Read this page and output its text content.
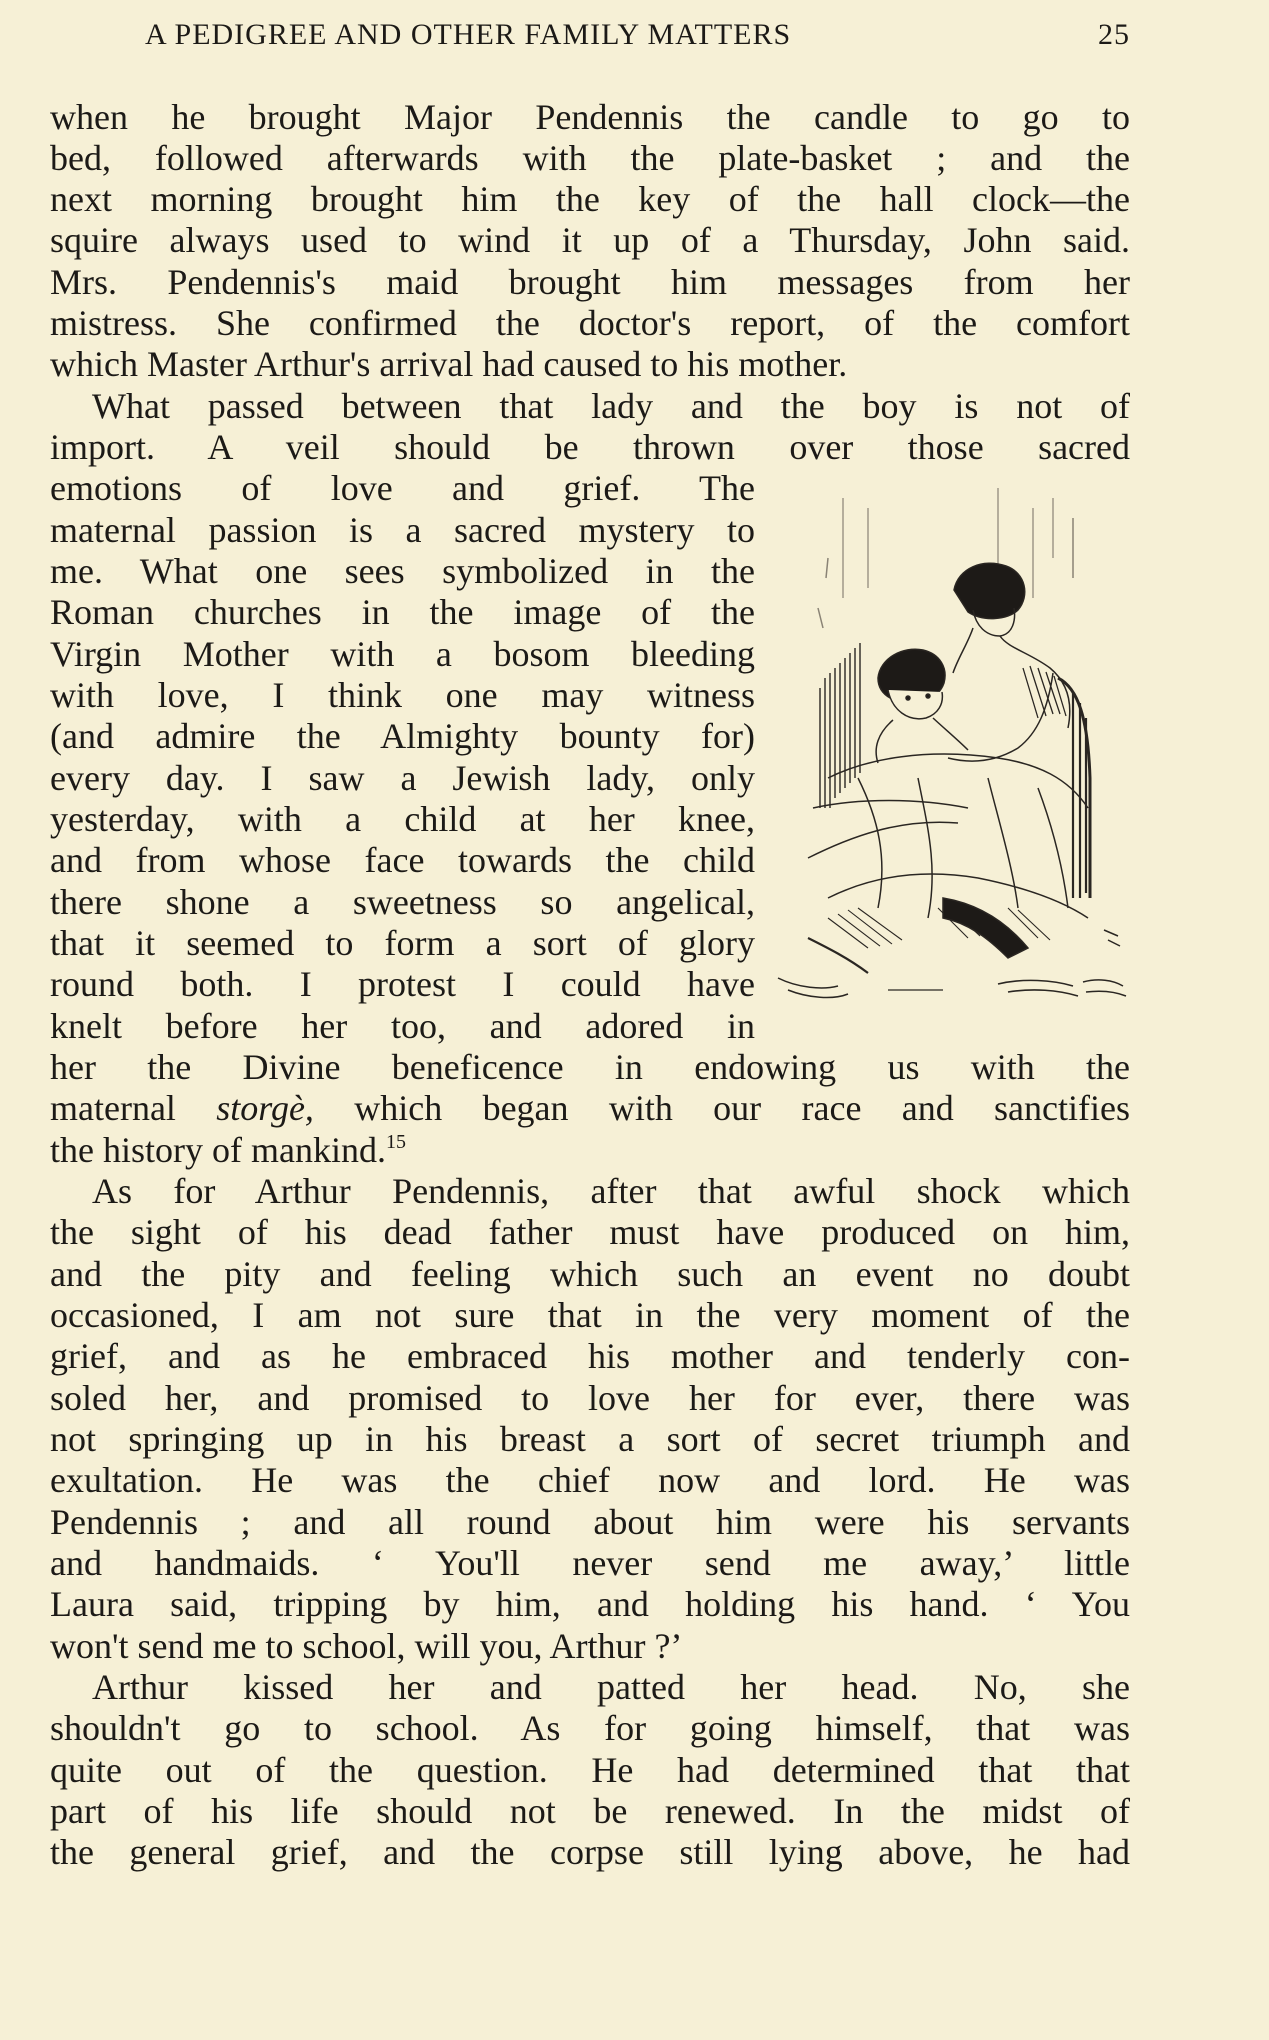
A PEDIGREE AND OTHER FAMILY MATTERS	25
when he brought Major Pendennis the candle to go to
bed, followed afterwards with the plate-basket ; and the
next morning brought him the key of the hall clock—the
squire always used to wind it up of a Thursday, John said.
Mrs. Pendennis's maid brought him messages from her
mistress. She confirmed the doctor's report, of the comfort
which Master Arthur's arrival had caused to his mother.
What passed between that lady and the boy is not of
import. A veil should be thrown over those sacred
emotions of love and grief. The
maternal passion is a sacred mystery to
me. What one sees symbolized in the
Roman churches in the image of the
Virgin Mother with a bosom bleeding
with love, I think one may witness
(and admire the Almighty bounty for)
every day. I saw a Jewish lady, only
yesterday, with a child at her knee,
and from whose face towards the child
there shone a sweetness so angelical,
that it seemed to form a sort of glory
round both. I protest I could have
knelt before her too, and adored in
her the Divine beneficence in endowing us with the
maternal storgè, which began with our race and sanctifies
the history of mankind.$^{15}$
As for Arthur Pendennis, after that awful shock which
the sight of his dead father must have produced on him,
and the pity and feeling which such an event no doubt
occasioned, I am not sure that in the very moment of the
grief, and as he embraced his mother and tenderly con-
soled her, and promised to love her for ever, there was
not springing up in his breast a sort of secret triumph and
exultation. He was the chief now and lord. He was
Pendennis ; and all round about him were his servants
and handmaids. ‘ You'll never send me away,’ little
Laura said, tripping by him, and holding his hand. ‘ You
won't send me to school, will you, Arthur ?’
Arthur kissed her and patted her head. No, she
shouldn't go to school. As for going himself, that was
quite out of the question. He had determined that that
part of his life should not be renewed. In the midst of
the general grief, and the corpse still lying above, he had
